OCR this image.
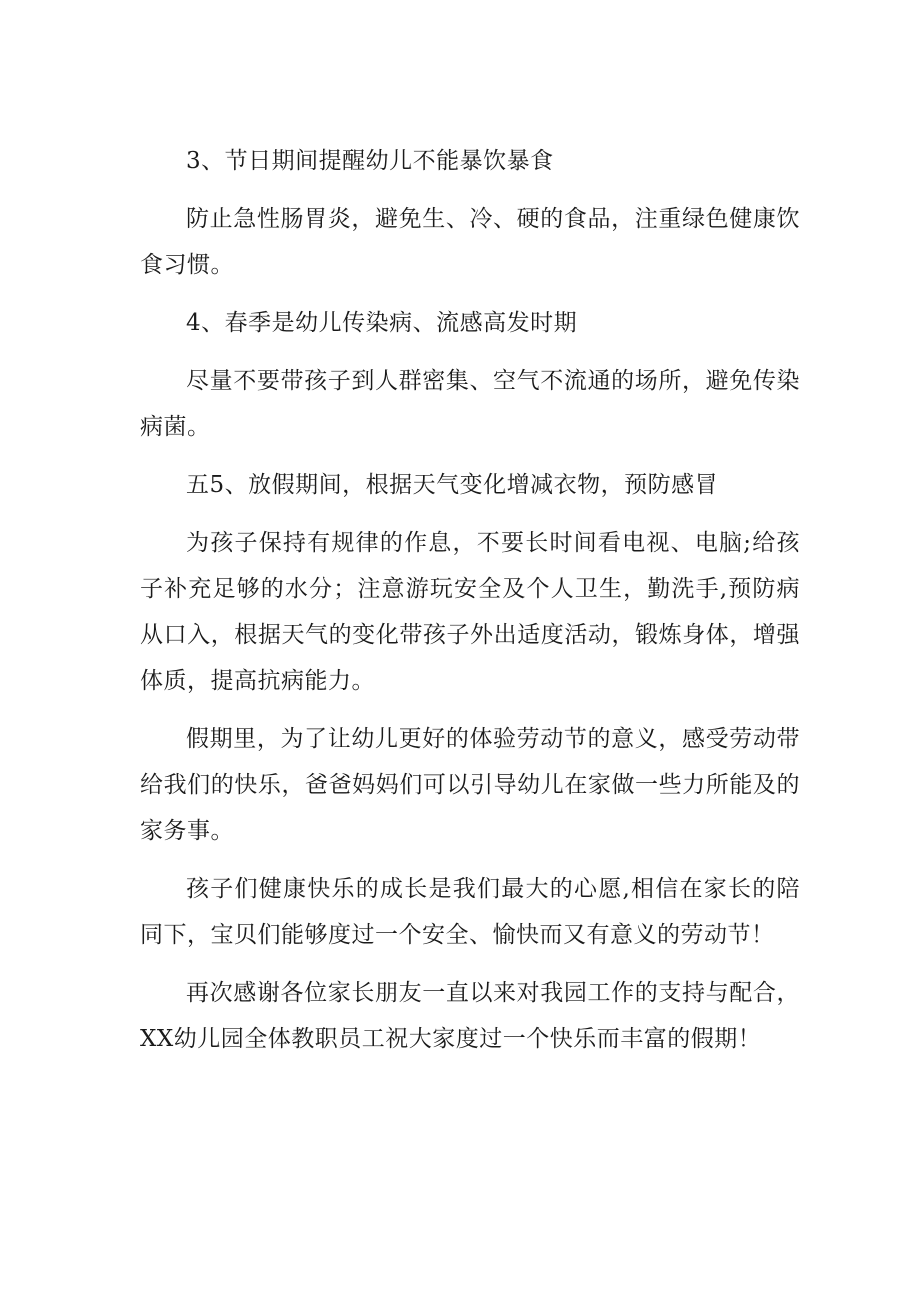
3、节日期间提醒幼儿不能暴饮暴食

防止急性肠胃炎，避免生、冷、硬的食品，注重绿色健康饮食习惯。

4、春季是幼儿传染病、流感高发时期

尽量不要带孩子到人群密集、空气不流通的场所，避免传染病菌。

五5、放假期间，根据天气变化增减衣物，预防感冒

为孩子保持有规律的作息，不要长时间看电视、电脑;给孩子补充足够的水分；注意游玩安全及个人卫生，勤洗手,预防病从口入，根据天气的变化带孩子外出适度活动，锻炼身体，增强体质，提高抗病能力。

假期里，为了让幼儿更好的体验劳动节的意义，感受劳动带给我们的快乐，爸爸妈妈们可以引导幼儿在家做一些力所能及的家务事。

孩子们健康快乐的成长是我们最大的心愿,相信在家长的陪同下，宝贝们能够度过一个安全、愉快而又有意义的劳动节！

再次感谢各位家长朋友一直以来对我园工作的支持与配合，XX幼儿园全体教职员工祝大家度过一个快乐而丰富的假期！
